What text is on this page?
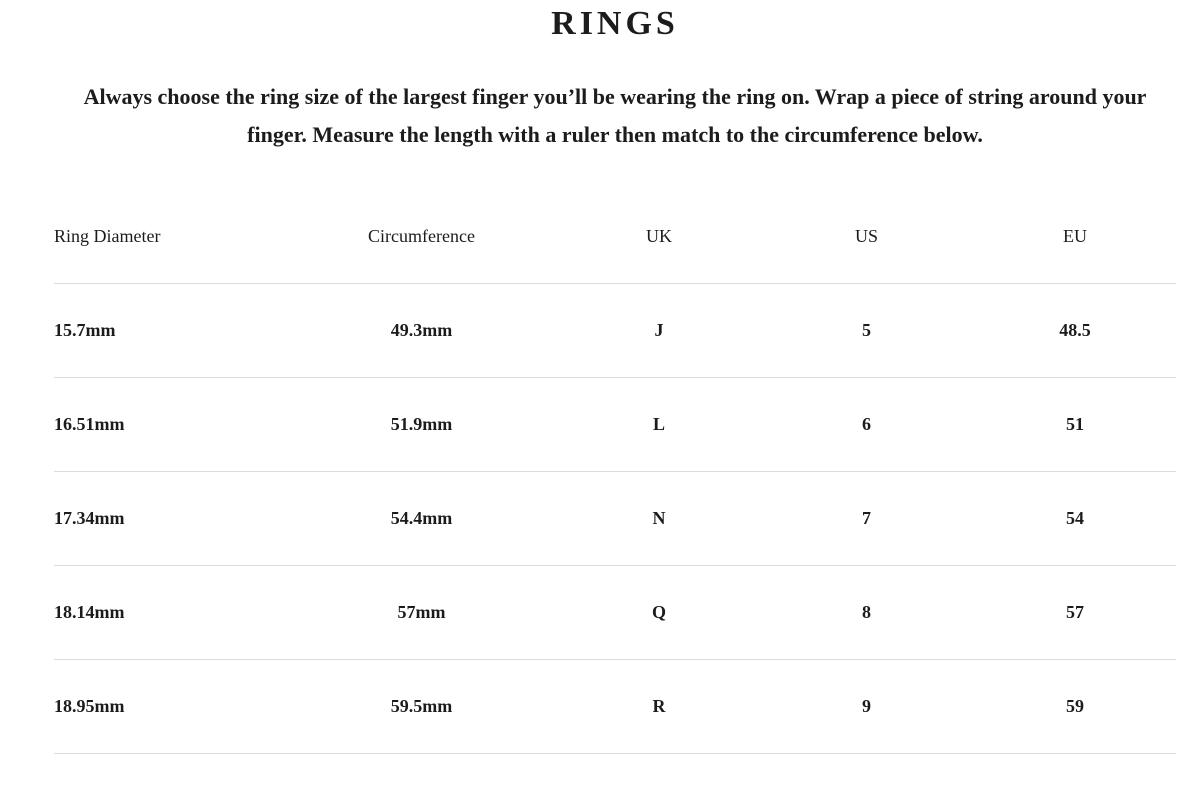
RINGS

Always choose the ring size of the largest finger you’ll be wearing the ring on. Wrap a piece of string around your finger. Measure the length with a ruler then match to the circumference below.

Ring Diameter	Circumference	UK	US	EU
15.7mm	49.3mm	J	5	48.5
16.51mm	51.9mm	L	6	51
17.34mm	54.4mm	N	7	54
18.14mm	57mm	Q	8	57
18.95mm	59.5mm	R	9	59
